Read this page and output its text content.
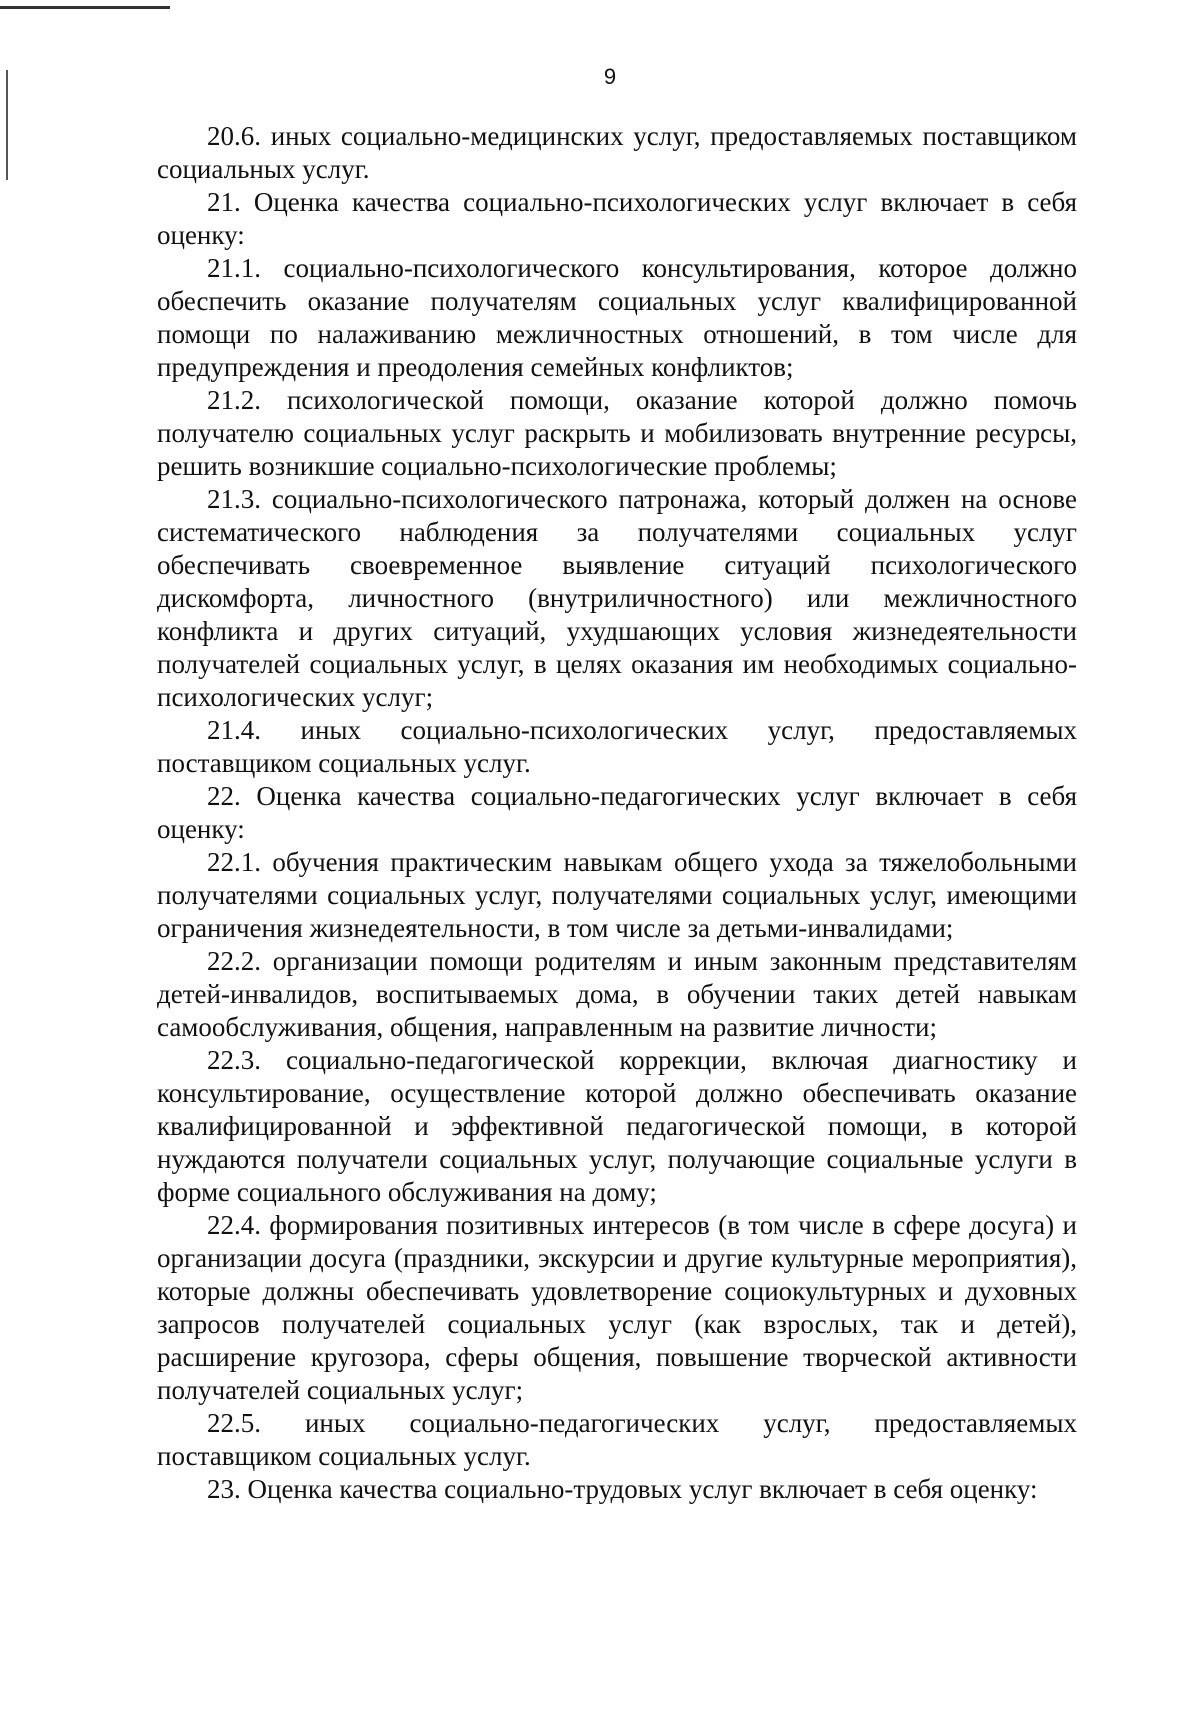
9

20.6. иных социально-медицинских услуг, предоставляемых поставщиком социальных услуг.

21. Оценка качества социально-психологических услуг включает в себя оценку:

21.1. социально-психологического консультирования, которое должно обеспечить оказание получателям социальных услуг квалифицированной помощи по налаживанию межличностных отношений, в том числе для предупреждения и преодоления семейных конфликтов;

21.2. психологической помощи, оказание которой должно помочь получателю социальных услуг раскрыть и мобилизовать внутренние ресурсы, решить возникшие социально-психологические проблемы;

21.3. социально-психологического патронажа, который должен на основе систематического наблюдения за получателями социальных услуг обеспечивать своевременное выявление ситуаций психологического дискомфорта, личностного (внутриличностного) или межличностного конфликта и других ситуаций, ухудшающих условия жизнедеятельности получателей социальных услуг, в целях оказания им необходимых социально-психологических услуг;

21.4. иных социально-психологических услуг, предоставляемых поставщиком социальных услуг.

22. Оценка качества социально-педагогических услуг включает в себя оценку:

22.1. обучения практическим навыкам общего ухода за тяжелобольными получателями социальных услуг, получателями социальных услуг, имеющими ограничения жизнедеятельности, в том числе за детьми-инвалидами;

22.2. организации помощи родителям и иным законным представителям детей-инвалидов, воспитываемых дома, в обучении таких детей навыкам самообслуживания, общения, направленным на развитие личности;

22.3. социально-педагогической коррекции, включая диагностику и консультирование, осуществление которой должно обеспечивать оказание квалифицированной и эффективной педагогической помощи, в которой нуждаются получатели социальных услуг, получающие социальные услуги в форме социального обслуживания на дому;

22.4. формирования позитивных интересов (в том числе в сфере досуга) и организации досуга (праздники, экскурсии и другие культурные мероприятия), которые должны обеспечивать удовлетворение социокультурных и духовных запросов получателей социальных услуг (как взрослых, так и детей), расширение кругозора, сферы общения, повышение творческой активности получателей социальных услуг;

22.5. иных социально-педагогических услуг, предоставляемых поставщиком социальных услуг.

23. Оценка качества социально-трудовых услуг включает в себя оценку:
